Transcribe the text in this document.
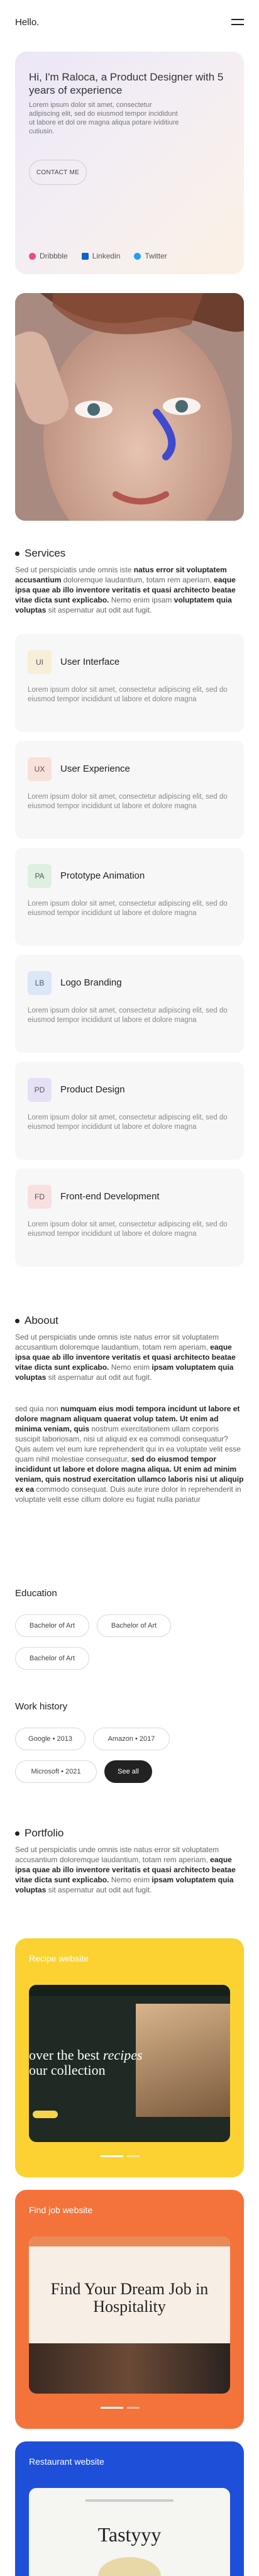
Hello.
Hi, I'm Raloca, a Product Designer with 5 years of experience
Lorem ipsum dolor sit amet, consectetur adipiscing elit, sed do eiusmod tempor incididunt ut labore et dol ore magna aliqua potare ividitiure cutiusin.
CONTACT ME
Dribbble	Linkedin	Twitter
Services
Sed ut perspiciatis unde omnis iste natus error sit voluptatem accusantium doloremque laudantium, totam rem aperiam, eaque ipsa quae ab illo inventore veritatis et quasi architecto beatae vitae dicta sunt explicabo. Nemo enim ipsam voluptatem quia voluptas sit aspernatur aut odit aut fugit.
UI	User Interface
Lorem ipsum dolor sit amet, consectetur adipiscing elit, sed do eiusmod tempor incididunt ut labore et dolore magna
UX	User Experience
Lorem ipsum dolor sit amet, consectetur adipiscing elit, sed do eiusmod tempor incididunt ut labore et dolore magna
PA	Prototype Animation
Lorem ipsum dolor sit amet, consectetur adipiscing elit, sed do eiusmod tempor incididunt ut labore et dolore magna
LB	Logo Branding
Lorem ipsum dolor sit amet, consectetur adipiscing elit, sed do eiusmod tempor incididunt ut labore et dolore magna
PD	Product Design
Lorem ipsum dolor sit amet, consectetur adipiscing elit, sed do eiusmod tempor incididunt ut labore et dolore magna
FD	Front-end Development
Lorem ipsum dolor sit amet, consectetur adipiscing elit, sed do eiusmod tempor incididunt ut labore et dolore magna
Aboout
Sed ut perspiciatis unde omnis iste natus error sit voluptatem accusantium doloremque laudantium, totam rem aperiam, eaque ipsa quae ab illo inventore veritatis et quasi architecto beatae vitae dicta sunt explicabo. Nemo enim ipsam voluptatem quia voluptas sit aspernatur aut odit aut fugit.
sed quia non numquam eius modi tempora incidunt ut labore et dolore magnam aliquam quaerat volup tatem. Ut enim ad minima veniam, quis nostrum exercitationem ullam corporis suscipit laboriosam, nisi ut aliquid ex ea commodi consequatur? Quis autem vel eum iure reprehenderit qui in ea voluptate velit esse quam nihil molestiae consequatur, sed do eiusmod tempor incididunt ut labore et dolore magna aliqua. Ut enim ad minim veniam, quis nostrud exercitation ullamco laboris nisi ut aliquip ex ea commodo consequat. Duis aute irure dolor in reprehenderit in voluptate velit esse cillum dolore eu fugiat nulla pariatur
Education
Bachelor of Art	Bachelor of Art
Bachelor of Art
Work history
Google • 2013	Amazon • 2017
Microsoft • 2021	See all
Portfolio
Sed ut perspiciatis unde omnis iste natus error sit voluptatem accusantium doloremque laudantium, totam rem aperiam, eaque ipsa quae ab illo inventore veritatis et quasi architecto beatae vitae dicta sunt explicabo. Nemo enim ipsam voluptatem quia voluptas sit aspernatur aut odit aut fugit.
Recipe website
over the best recipes
our collection
Find job website
Find Your Dream Job in Hospitality
Restaurant website
Tastyyy
